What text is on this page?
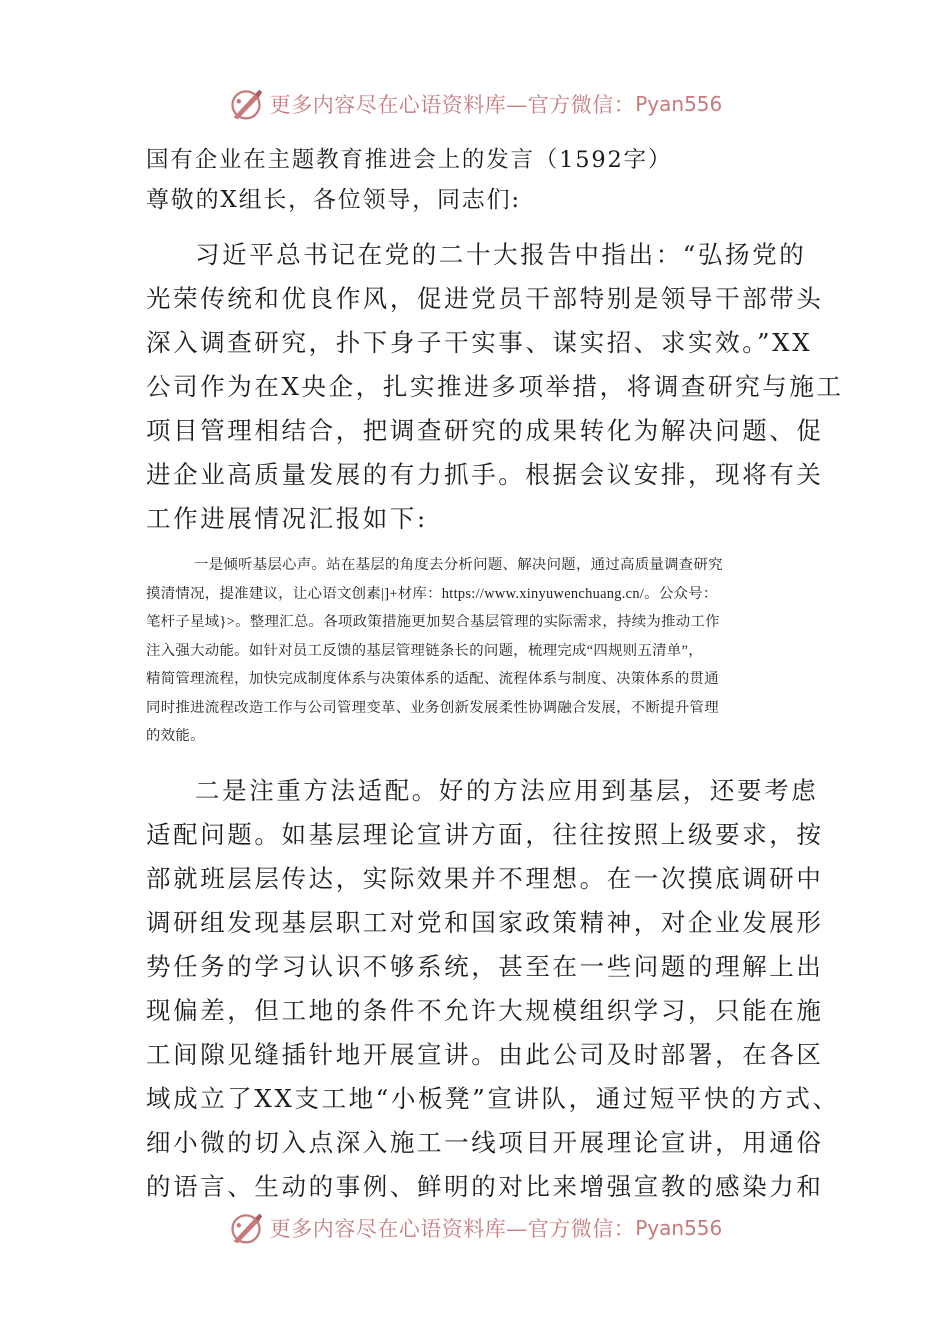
更多内容尽在心语资料库—官方微信： Pyan556
国有企业在主题教育推进会上的发言（1592字）
尊敬的X组长，各位领导，同志们:
习近平总书记在党的二十大报告中指出：“弘扬党的
光荣传统和优良作风，促进党员干部特别是领导干部带头
深入调查研究，扑下身子干实事、谋实招、求实效。”XX
公司作为在X央企，扎实推进多项举措，将调查研究与施工
项目管理相结合，把调查研究的成果转化为解决问题、促
进企业高质量发展的有力抓手。根据会议安排，现将有关
工作进展情况汇报如下:
一是倾听基层心声。站在基层的角度去分析问题、解决问题，通过高质量调查研究
摸清情况，提准建议，让心语文创素|]+材库：https://www.xinyuwenchuang.cn/。公众号：
笔杆子星域}>。整理汇总。各项政策措施更加契合基层管理的实际需求，持续为推动工作
注入强大动能。如针对员工反馈的基层管理链条长的问题，梳理完成“四规则五清单”，
精简管理流程，加快完成制度体系与决策体系的适配、流程体系与制度、决策体系的贯通
同时推进流程改造工作与公司管理变革、业务创新发展柔性协调融合发展，不断提升管理
的效能。
二是注重方法适配。好的方法应用到基层，还要考虑
适配问题。如基层理论宣讲方面，往往按照上级要求，按
部就班层层传达，实际效果并不理想。在一次摸底调研中
调研组发现基层职工对党和国家政策精神，对企业发展形
势任务的学习认识不够系统，甚至在一些问题的理解上出
现偏差，但工地的条件不允许大规模组织学习，只能在施
工间隙见缝插针地开展宣讲。由此公司及时部署，在各区
域成立了XX支工地“小板凳”宣讲队，通过短平快的方式、
细小微的切入点深入施工一线项目开展理论宣讲，用通俗
的语言、生动的事例、鲜明的对比来增强宣教的感染力和
更多内容尽在心语资料库—官方微信： Pyan556
